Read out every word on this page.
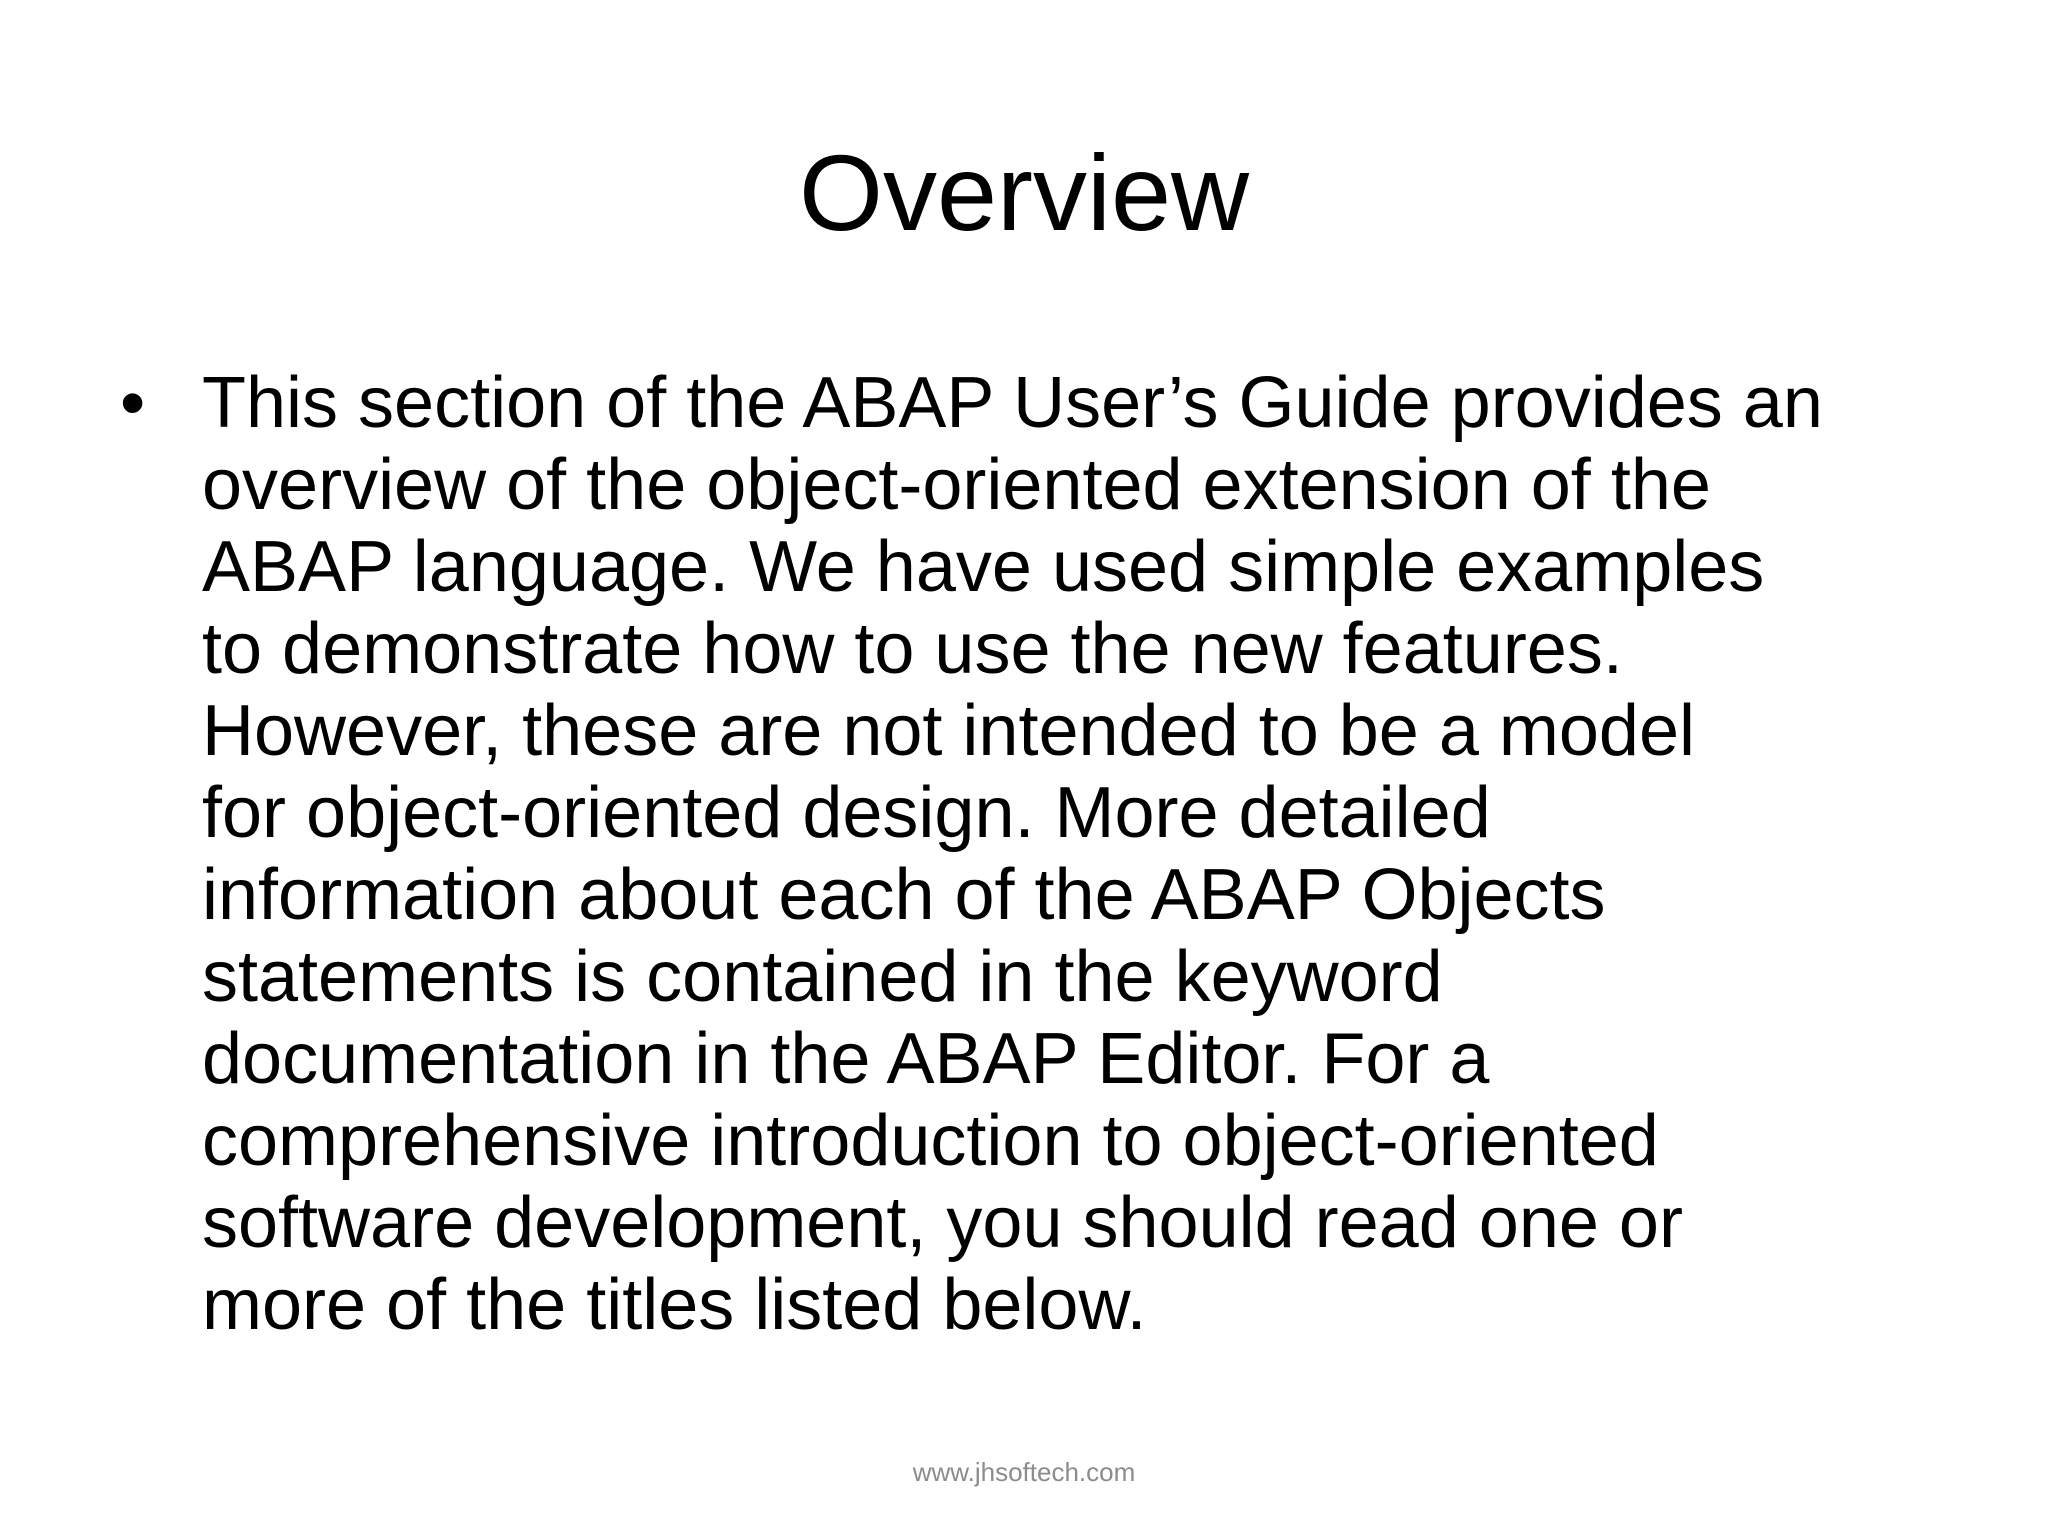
Overview
• This section of the ABAP User’s Guide provides an
overview of the object-oriented extension of the
ABAP language. We have used simple examples
to demonstrate how to use the new features.
However, these are not intended to be a model
for object-oriented design. More detailed
information about each of the ABAP Objects
statements is contained in the keyword
documentation in the ABAP Editor. For a
comprehensive introduction to object-oriented
software development, you should read one or
more of the titles listed below.

www.jhsoftech.com
